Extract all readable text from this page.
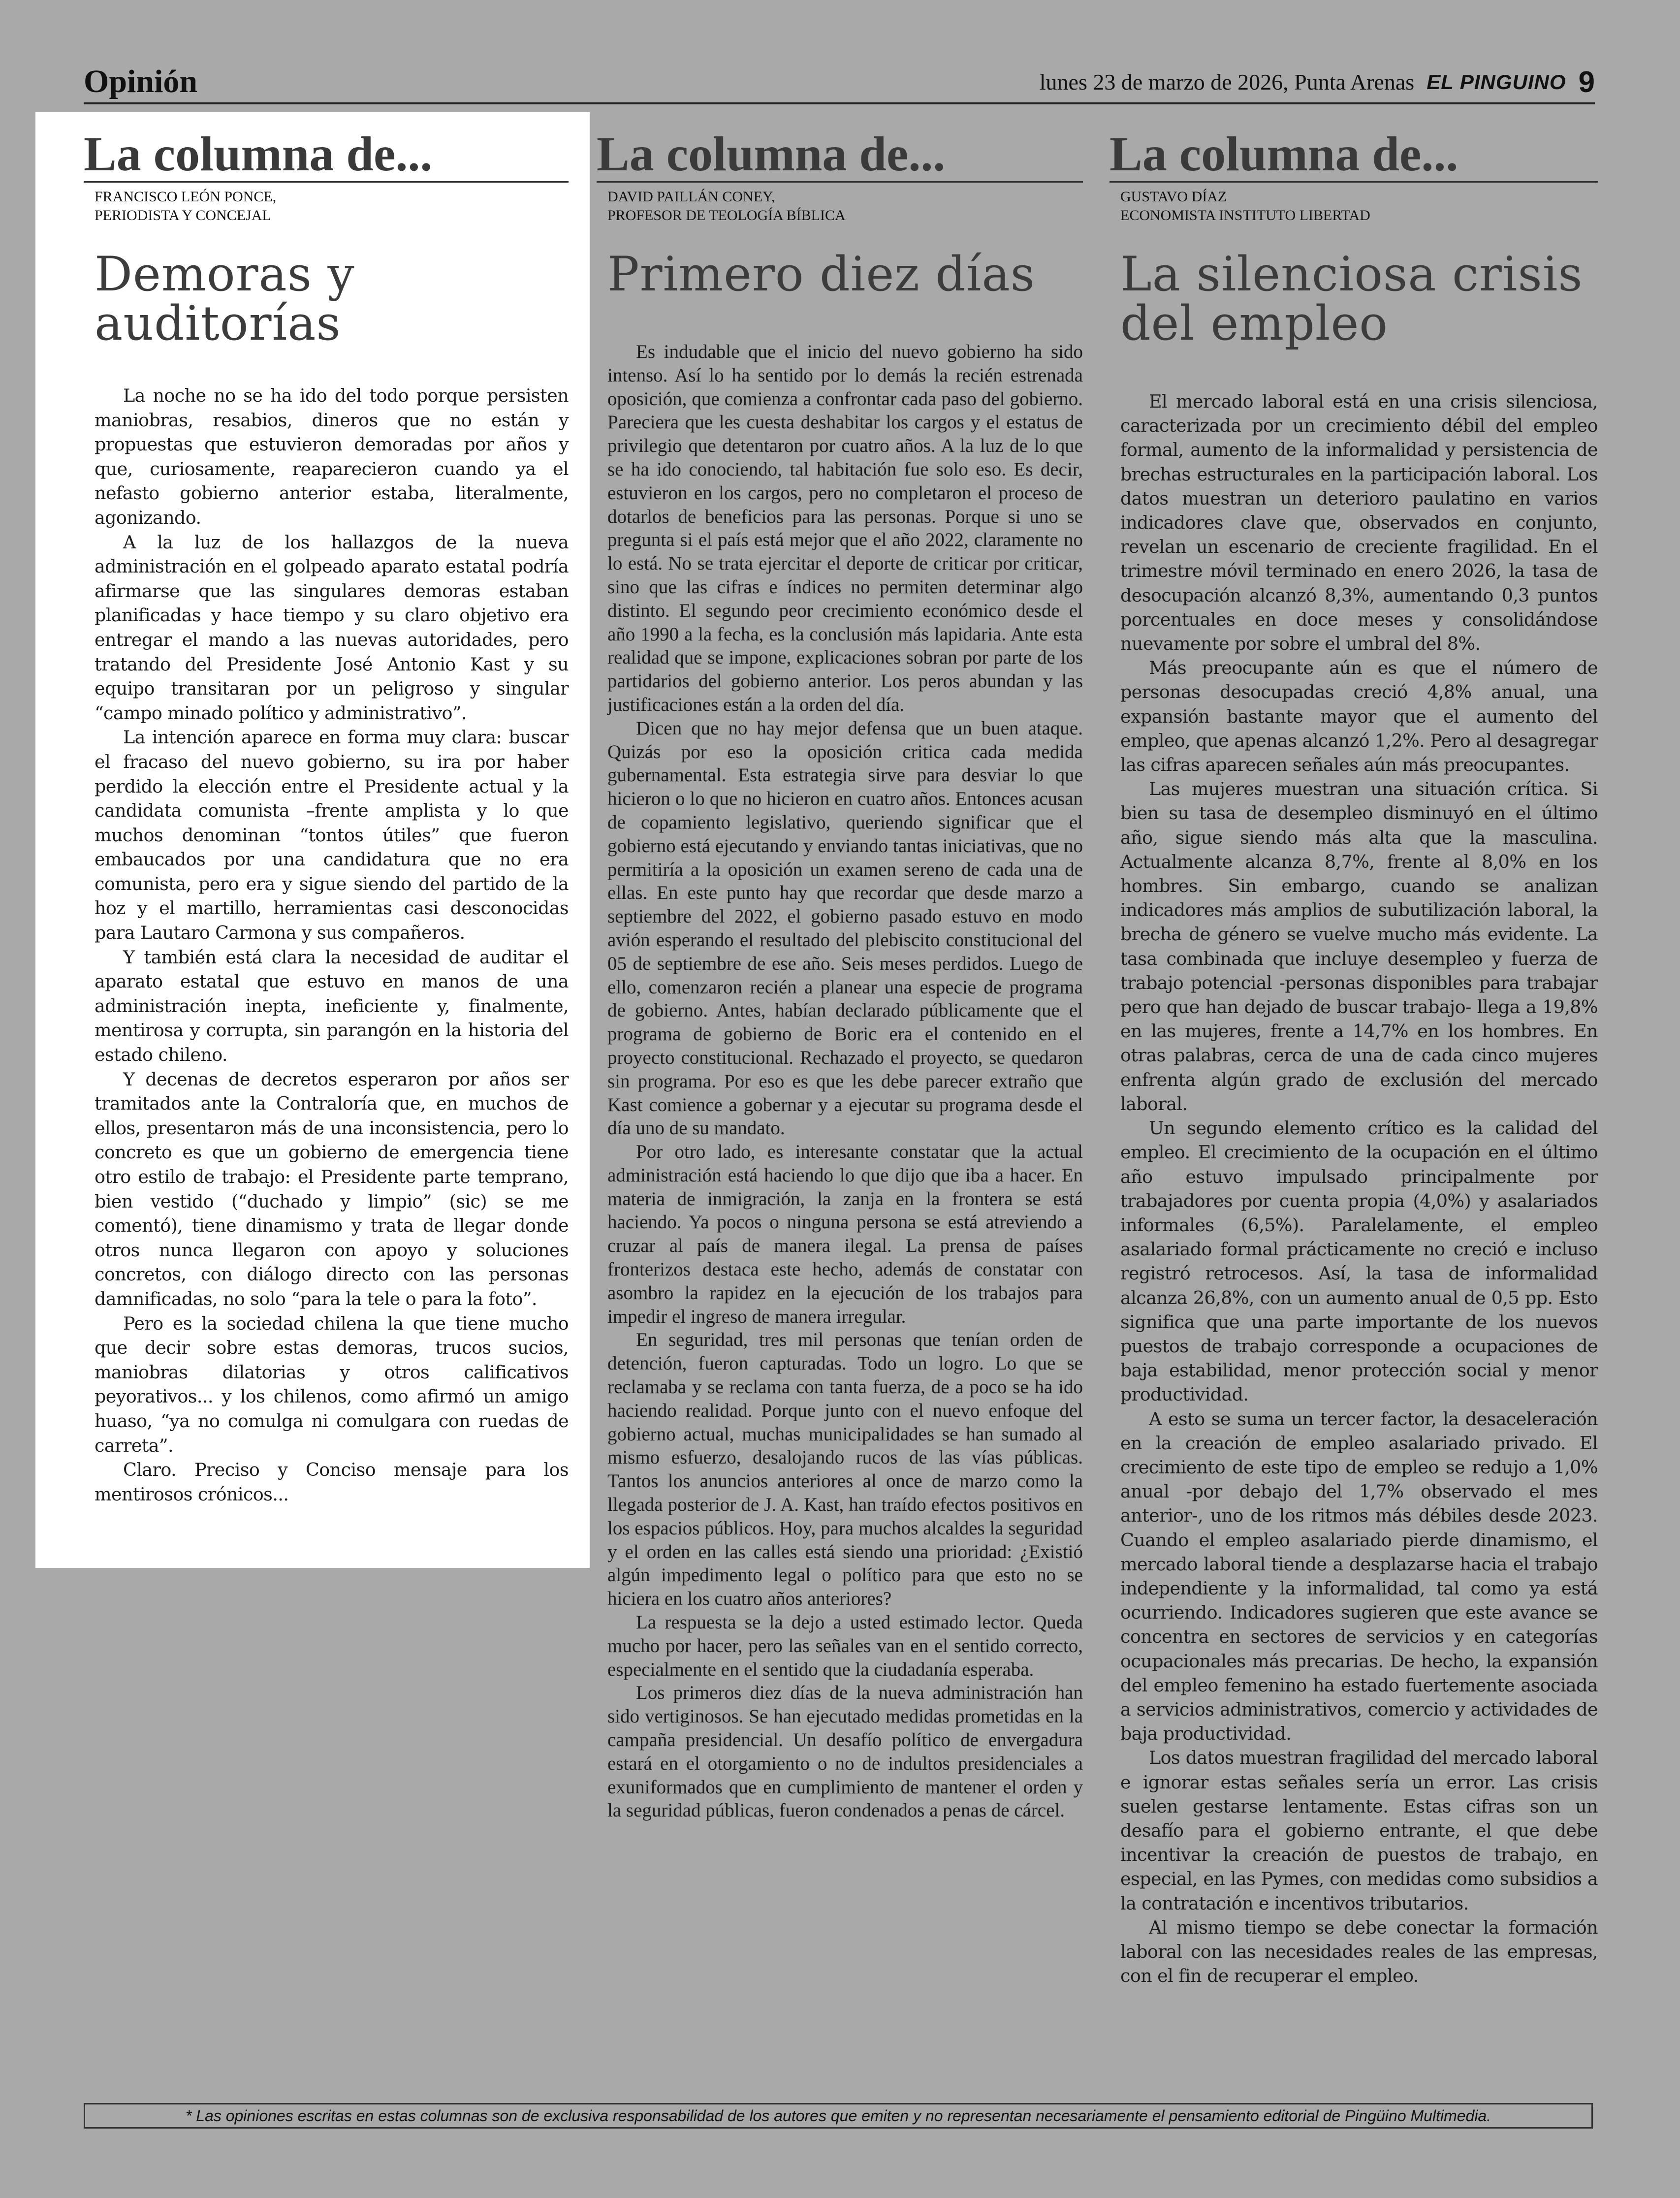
Opinión	lunes 23 de marzo de 2026, Punta Arenas EL PINGUINO 9
La columna de...
FRANCISCO LEÓN PONCE,
PERIODISTA Y CONCEJAL
Demoras y auditorías

La noche no se ha ido del todo porque persisten maniobras, resabios, dineros que no están y propuestas que estuvieron demoradas por años y que, curiosamente, reaparecieron cuando ya el nefasto gobierno anterior estaba, literalmente, agonizando.

A la luz de los hallazgos de la nueva administración en el golpeado aparato estatal podría afirmarse que las singulares demoras estaban planificadas y hace tiempo y su claro objetivo era entregar el mando a las nuevas autoridades, pero tratando del Presidente José Antonio Kast y su equipo transitaran por un peligroso y singular “campo minado político y administrativo”.

La intención aparece en forma muy clara: buscar el fracaso del nuevo gobierno, su ira por haber perdido la elección entre el Presidente actual y la candidata comunista –frente amplista y lo que muchos denominan “tontos útiles” que fueron embaucados por una candidatura que no era comunista, pero era y sigue siendo del partido de la hoz y el martillo, herramientas casi desconocidas para Lautaro Carmona y sus compañeros.

Y también está clara la necesidad de auditar el aparato estatal que estuvo en manos de una administración inepta, ineficiente y, finalmente, mentirosa y corrupta, sin parangón en la historia del estado chileno.

Y decenas de decretos esperaron por años ser tramitados ante la Contraloría que, en muchos de ellos, presentaron más de una inconsistencia, pero lo concreto es que un gobierno de emergencia tiene otro estilo de trabajo: el Presidente parte temprano, bien vestido (“duchado y limpio” (sic) se me comentó), tiene dinamismo y trata de llegar donde otros nunca llegaron con apoyo y soluciones concretos, con diálogo directo con las personas damnificadas, no solo “para la tele o para la foto”.

Pero es la sociedad chilena la que tiene mucho que decir sobre estas demoras, trucos sucios, maniobras dilatorias y otros calificativos peyorativos... y los chilenos, como afirmó un amigo huaso, “ya no comulga ni comulgara con ruedas de carreta”.

Claro. Preciso y Conciso mensaje para los mentirosos crónicos...

La columna de...
DAVID PAILLÁN CONEY,
PROFESOR DE TEOLOGÍA BÍBLICA
Primero diez días

Es indudable que el inicio del nuevo gobierno ha sido intenso. Así lo ha sentido por lo demás la recién estrenada oposición, que comienza a confrontar cada paso del gobierno. Pareciera que les cuesta deshabitar los cargos y el estatus de privilegio que detentaron por cuatro años. A la luz de lo que se ha ido conociendo, tal habitación fue solo eso. Es decir, estuvieron en los cargos, pero no completaron el proceso de dotarlos de beneficios para las personas. Porque si uno se pregunta si el país está mejor que el año 2022, claramente no lo está. No se trata ejercitar el deporte de criticar por criticar, sino que las cifras e índices no permiten determinar algo distinto. El segundo peor crecimiento económico desde el año 1990 a la fecha, es la conclusión más lapidaria. Ante esta realidad que se impone, explicaciones sobran por parte de los partidarios del gobierno anterior. Los peros abundan y las justificaciones están a la orden del día.

Dicen que no hay mejor defensa que un buen ataque. Quizás por eso la oposición critica cada medida gubernamental. Esta estrategia sirve para desviar lo que hicieron o lo que no hicieron en cuatro años. Entonces acusan de copamiento legislativo, queriendo significar que el gobierno está ejecutando y enviando tantas iniciativas, que no permitiría a la oposición un examen sereno de cada una de ellas. En este punto hay que recordar que desde marzo a septiembre del 2022, el gobierno pasado estuvo en modo avión esperando el resultado del plebiscito constitucional del 05 de septiembre de ese año. Seis meses perdidos. Luego de ello, comenzaron recién a planear una especie de programa de gobierno. Antes, habían declarado públicamente que el programa de gobierno de Boric era el contenido en el proyecto constitucional. Rechazado el proyecto, se quedaron sin programa. Por eso es que les debe parecer extraño que Kast comience a gobernar y a ejecutar su programa desde el día uno de su mandato.

Por otro lado, es interesante constatar que la actual administración está haciendo lo que dijo que iba a hacer. En materia de inmigración, la zanja en la frontera se está haciendo. Ya pocos o ninguna persona se está atreviendo a cruzar al país de manera ilegal. La prensa de países fronterizos destaca este hecho, además de constatar con asombro la rapidez en la ejecución de los trabajos para impedir el ingreso de manera irregular.

En seguridad, tres mil personas que tenían orden de detención, fueron capturadas. Todo un logro. Lo que se reclamaba y se reclama con tanta fuerza, de a poco se ha ido haciendo realidad. Porque junto con el nuevo enfoque del gobierno actual, muchas municipalidades se han sumado al mismo esfuerzo, desalojando rucos de las vías públicas. Tantos los anuncios anteriores al once de marzo como la llegada posterior de J. A. Kast, han traído efectos positivos en los espacios públicos. Hoy, para muchos alcaldes la seguridad y el orden en las calles está siendo una prioridad: ¿Existió algún impedimento legal o político para que esto no se hiciera en los cuatro años anteriores?

La respuesta se la dejo a usted estimado lector. Queda mucho por hacer, pero las señales van en el sentido correcto, especialmente en el sentido que la ciudadanía esperaba.

Los primeros diez días de la nueva administración han sido vertiginosos. Se han ejecutado medidas prometidas en la campaña presidencial. Un desafío político de envergadura estará en el otorgamiento o no de indultos presidenciales a exuniformados que en cumplimiento de mantener el orden y la seguridad públicas, fueron condenados a penas de cárcel.

La columna de...
GUSTAVO DÍAZ
ECONOMISTA INSTITUTO LIBERTAD
La silenciosa crisis del empleo

El mercado laboral está en una crisis silenciosa, caracterizada por un crecimiento débil del empleo formal, aumento de la informalidad y persistencia de brechas estructurales en la participación laboral. Los datos muestran un deterioro paulatino en varios indicadores clave que, observados en conjunto, revelan un escenario de creciente fragilidad. En el trimestre móvil terminado en enero 2026, la tasa de desocupación alcanzó 8,3%, aumentando 0,3 puntos porcentuales en doce meses y consolidándose nuevamente por sobre el umbral del 8%.

Más preocupante aún es que el número de personas desocupadas creció 4,8% anual, una expansión bastante mayor que el aumento del empleo, que apenas alcanzó 1,2%. Pero al desagregar las cifras aparecen señales aún más preocupantes.

Las mujeres muestran una situación crítica. Si bien su tasa de desempleo disminuyó en el último año, sigue siendo más alta que la masculina. Actualmente alcanza 8,7%, frente al 8,0% en los hombres. Sin embargo, cuando se analizan indicadores más amplios de subutilización laboral, la brecha de género se vuelve mucho más evidente. La tasa combinada que incluye desempleo y fuerza de trabajo potencial -personas disponibles para trabajar pero que han dejado de buscar trabajo- llega a 19,8% en las mujeres, frente a 14,7% en los hombres. En otras palabras, cerca de una de cada cinco mujeres enfrenta algún grado de exclusión del mercado laboral.

Un segundo elemento crítico es la calidad del empleo. El crecimiento de la ocupación en el último año estuvo impulsado principalmente por trabajadores por cuenta propia (4,0%) y asalariados informales (6,5%). Paralelamente, el empleo asalariado formal prácticamente no creció e incluso registró retrocesos. Así, la tasa de informalidad alcanza 26,8%, con un aumento anual de 0,5 pp. Esto significa que una parte importante de los nuevos puestos de trabajo corresponde a ocupaciones de baja estabilidad, menor protección social y menor productividad.

A esto se suma un tercer factor, la desaceleración en la creación de empleo asalariado privado. El crecimiento de este tipo de empleo se redujo a 1,0% anual -por debajo del 1,7% observado el mes anterior-, uno de los ritmos más débiles desde 2023. Cuando el empleo asalariado pierde dinamismo, el mercado laboral tiende a desplazarse hacia el trabajo independiente y la informalidad, tal como ya está ocurriendo. Indicadores sugieren que este avance se concentra en sectores de servicios y en categorías ocupacionales más precarias. De hecho, la expansión del empleo femenino ha estado fuertemente asociada a servicios administrativos, comercio y actividades de baja productividad.

Los datos muestran fragilidad del mercado laboral e ignorar estas señales sería un error. Las crisis suelen gestarse lentamente. Estas cifras son un desafío para el gobierno entrante, el que debe incentivar la creación de puestos de trabajo, en especial, en las Pymes, con medidas como subsidios a la contratación e incentivos tributarios.

Al mismo tiempo se debe conectar la formación laboral con las necesidades reales de las empresas, con el fin de recuperar el empleo.

* Las opiniones escritas en estas columnas son de exclusiva responsabilidad de los autores que emiten y no representan necesariamente el pensamiento editorial de Pingüino Multimedia.
